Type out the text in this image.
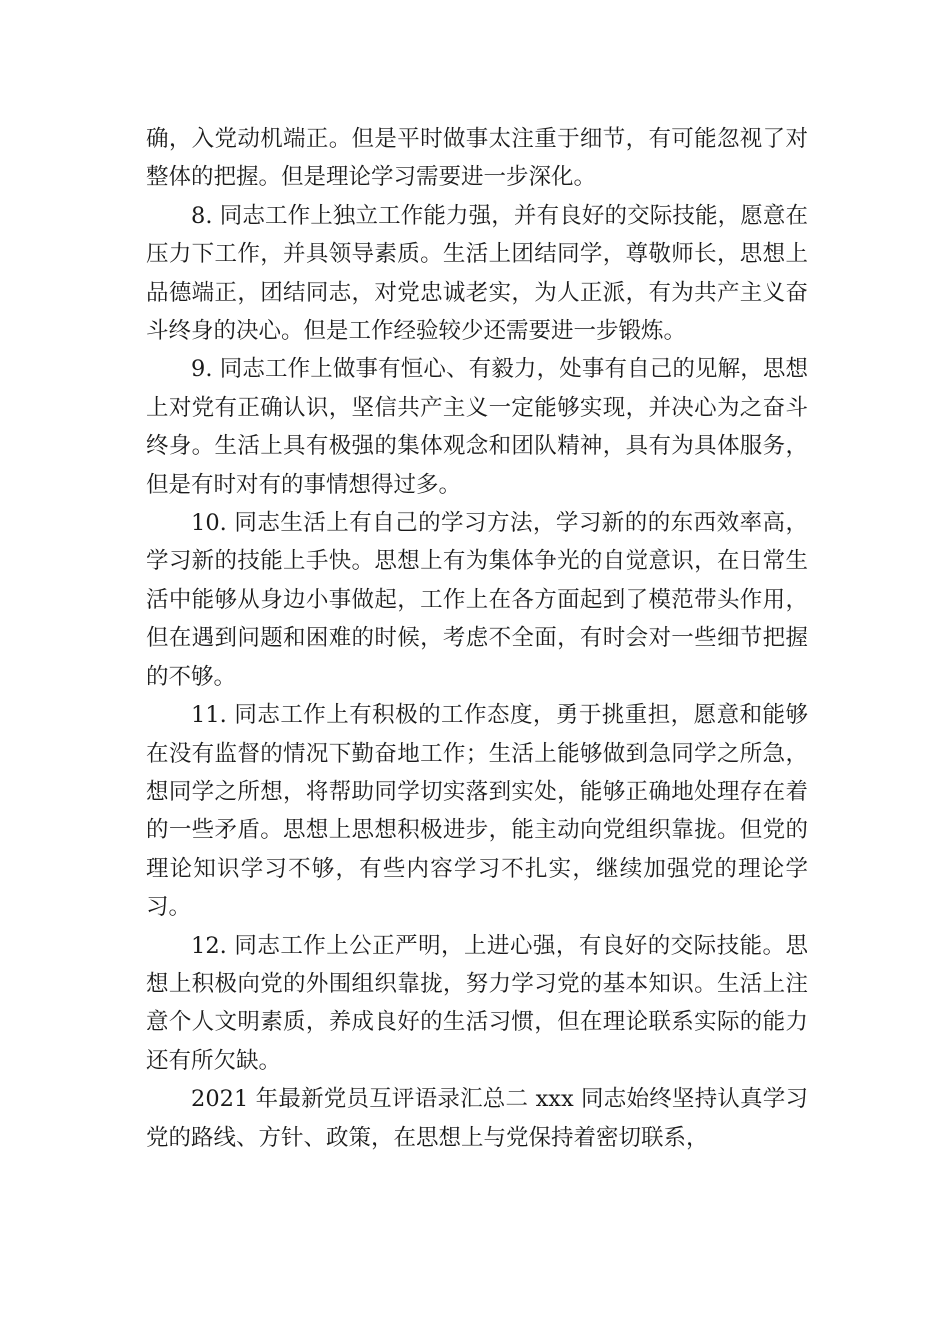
确，入党动机端正。但是平时做事太注重于细节，有可能忽视了对整体的把握。但是理论学习需要进一步深化。

8. 同志工作上独立工作能力强，并有良好的交际技能，愿意在压力下工作，并具领导素质。生活上团结同学，尊敬师长，思想上品德端正，团结同志，对党忠诚老实，为人正派，有为共产主义奋斗终身的决心。但是工作经验较少还需要进一步锻炼。

9. 同志工作上做事有恒心、有毅力，处事有自己的见解，思想上对党有正确认识，坚信共产主义一定能够实现，并决心为之奋斗终身。生活上具有极强的集体观念和团队精神，具有为具体服务，但是有时对有的事情想得过多。

10. 同志生活上有自己的学习方法，学习新的的东西效率高，学习新的技能上手快。思想上有为集体争光的自觉意识，在日常生活中能够从身边小事做起，工作上在各方面起到了模范带头作用，但在遇到问题和困难的时候，考虑不全面，有时会对一些细节把握的不够。

11. 同志工作上有积极的工作态度，勇于挑重担，愿意和能够在没有监督的情况下勤奋地工作；生活上能够做到急同学之所急，想同学之所想，将帮助同学切实落到实处，能够正确地处理存在着的一些矛盾。思想上思想积极进步，能主动向党组织靠拢。但党的理论知识学习不够，有些内容学习不扎实，继续加强党的理论学习。

12. 同志工作上公正严明，上进心强，有良好的交际技能。思想上积极向党的外围组织靠拢，努力学习党的基本知识。生活上注意个人文明素质，养成良好的生活习惯，但在理论联系实际的能力还有所欠缺。

2021 年最新党员互评语录汇总二 xxx 同志始终坚持认真学习党的路线、方针、政策，在思想上与党保持着密切联系，
